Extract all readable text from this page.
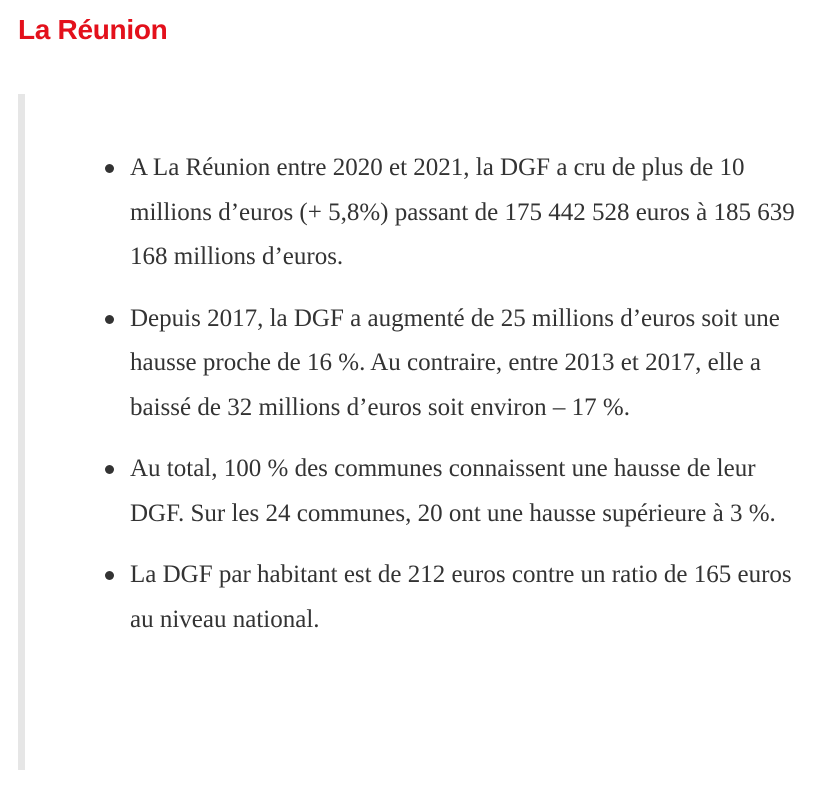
La Réunion
A La Réunion entre 2020 et 2021, la DGF a cru de plus de 10 millions d’euros (+ 5,8%) passant de 175 442 528 euros à 185 639 168 millions d’euros.
Depuis 2017, la DGF a augmenté de 25 millions d’euros soit une hausse proche de 16 %. Au contraire, entre 2013 et 2017, elle a baissé de 32 millions d’euros soit environ – 17 %.
Au total, 100 % des communes connaissent une hausse de leur DGF. Sur les 24 communes, 20 ont une hausse supérieure à 3 %.
La DGF par habitant est de 212 euros contre un ratio de 165 euros au niveau national.
